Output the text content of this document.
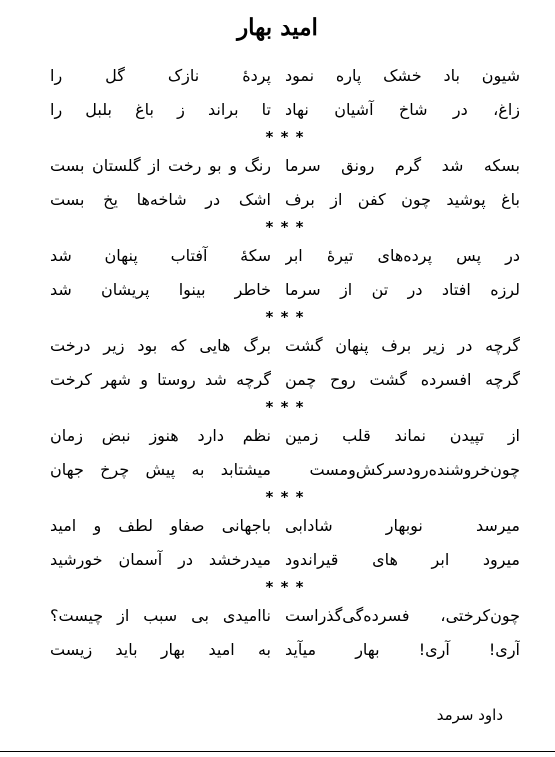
امید بهار
شیون باد خشک پاره نمود
پردهٔ نازک گل را
زاغ، در شاخ آشیان نهاد
تا براند ز باغ بلبل را
* * *
بسکه شد گرم رونق سرما
رنگ و بو رخت از گلستان بست
باغ پوشید چون کفن از برف
اشک در شاخه‌ها یخ بست
* * *
در پس پرده‌های تیرهٔ ابر
سکهٔ آفتاب پنهان شد
لرزه افتاد در تن از سرما
خاطر بینوا پریشان شد
* * *
گرچه در زیر برف پنهان گشت
برگ هایی که بود زیر درخت
گرچه افسرده گشت روح چمن
گرچه شد روستا و شهر کرخت
* * *
از تپیدن نماند قلب زمین
نظم دارد هنوز نبض زمان
چون‌خروشنده‌رود‌سرکش‌ومست
میشتابد به پیش چرخ جهان
* * *
میرسد نوبهار شادابی
باجهانی صفاو لطف و امید
میرود ابر های قیراندود
میدرخشد در آسمان خورشید
* * *
چون‌کرختی، فسرده‌گی‌گذراست
ناامیدی بی سبب از چیست؟
آری! آری! بهار میآید
به امید بهار باید زیست
داود سرمد
